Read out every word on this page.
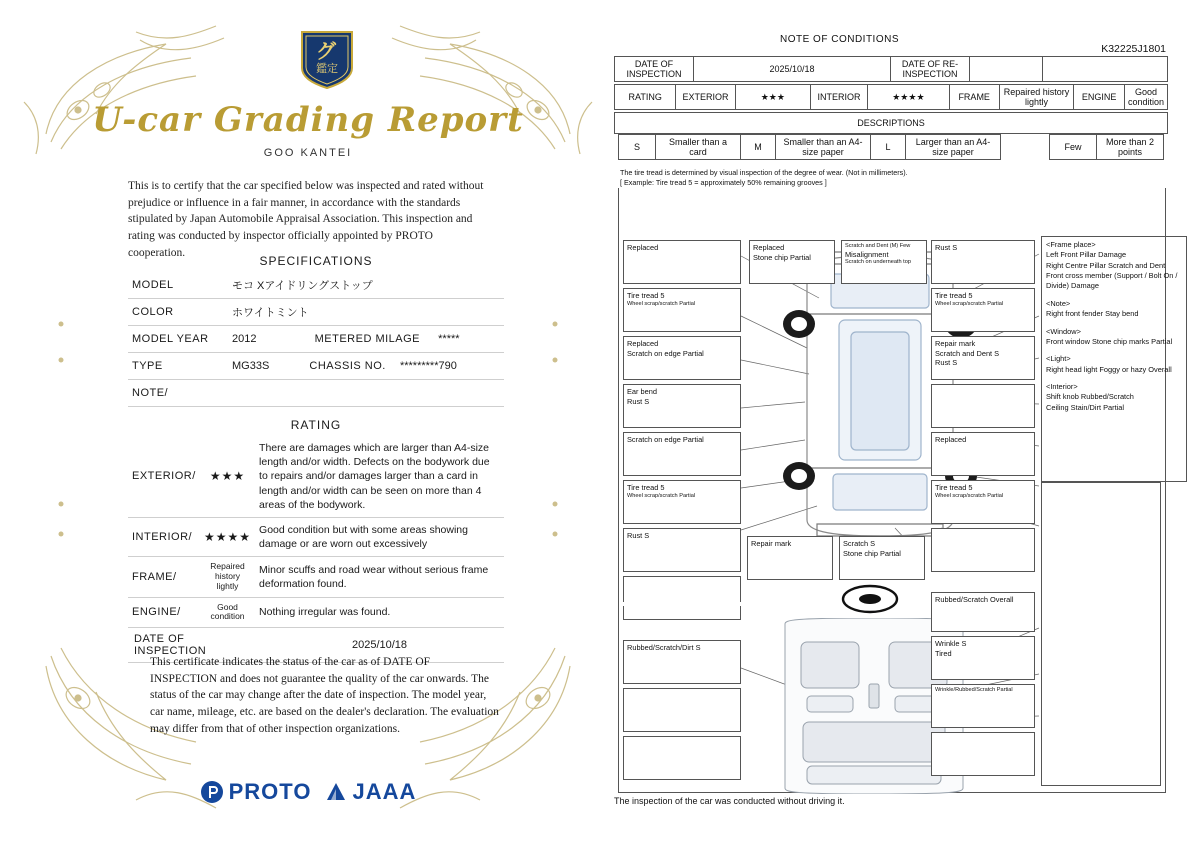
グ
鑑定
U-car Grading Report
GOO KANTEI
This is to certify that the car specified below was inspected and rated without prejudice or influence in a fair manner, in accordance with the standards stipulated by Japan Automobile Appraisal Association. This inspection and rating was conducted by inspector officially appointed by PROTO cooperation.
SPECIFICATIONS
MODEL	モコ Xアイドリングストップ
COLOR	ホワイトミント
MODEL YEAR	2012 METERED MILAGE *****
TYPE	MG33S CHASSIS NO. *********790
NOTE/	
RATING
EXTERIOR/	★★★	There are damages which are larger than A4-size length and/or width. Defects on the bodywork due to repairs and/or damages larger than a card in length and/or width can be seen on more than 4 areas of the bodywork.
INTERIOR/	★★★★	Good condition but with some areas showing damage or are worn out excessively
FRAME/	Repaired history lightly	Minor scuffs and road wear without serious frame deformation found.
ENGINE/	Good condition	Nothing irregular was found.
DATE OF INSPECTION		2025/10/18
This certificate indicates the status of the car as of DATE OF INSPECTION and does not guarantee the quality of the car onwards. The status of the car may change after the date of inspection. The model year, car name, mileage, etc. are based on the dealer's declaration. The evaluation may differ from that of other inspection organizations.
PROTO JAAA
NOTE OF CONDITIONS
K32225J1801
DATE OF INSPECTION	2025/10/18	DATE OF RE-INSPECTION		
RATING	EXTERIOR	★★★	INTERIOR	★★★★	FRAME	Repaired history lightly	ENGINE	Good condition
DESCRIPTIONS
S	Smaller than a card	M	Smaller than an A4-size paper	L	Larger than an A4-size paper		Few	More than 2 points
The tire tread is determined by visual inspection of the degree of wear. (Not in millimeters).
[ Example: Tire tread 5 = approximately 50% remaining grooves ]
Replaced
Tire tread 5
Wheel scrap/scratch Partial
Replaced
Scratch on edge Partial
Ear bend
Rust S
Scratch on edge Partial
Tire tread 5
Wheel scrap/scratch Partial
Rust S
Replaced
Stone chip Partial
Scratch and Dent (M) Few
Misalignment
Scratch on underneath top
Rust S
Tire tread 5
Wheel scrap/scratch Partial
Repair mark
Scratch and Dent S
Rust S
Replaced
Tire tread 5
Wheel scrap/scratch Partial
Repair mark	Scratch S
Stone chip Partial
Rubbed/Scratch/Dirt S
Rubbed/Scratch Overall
Wrinkle S
Tired
Wrinkle/Rubbed/Scratch Partial
<Frame place>
Left Front Pillar Damage
Right Centre Pillar Scratch and Dent
Front cross member (Support / Bolt On / Divide) Damage
<Note>
Right front fender Stay bend
<Window>
Front window Stone chip marks Partial
<Light>
Right head light Foggy or hazy Overall
<Interior>
Shift knob Rubbed/Scratch
Ceiling Stain/Dirt Partial
The inspection of the car was conducted without driving it.
